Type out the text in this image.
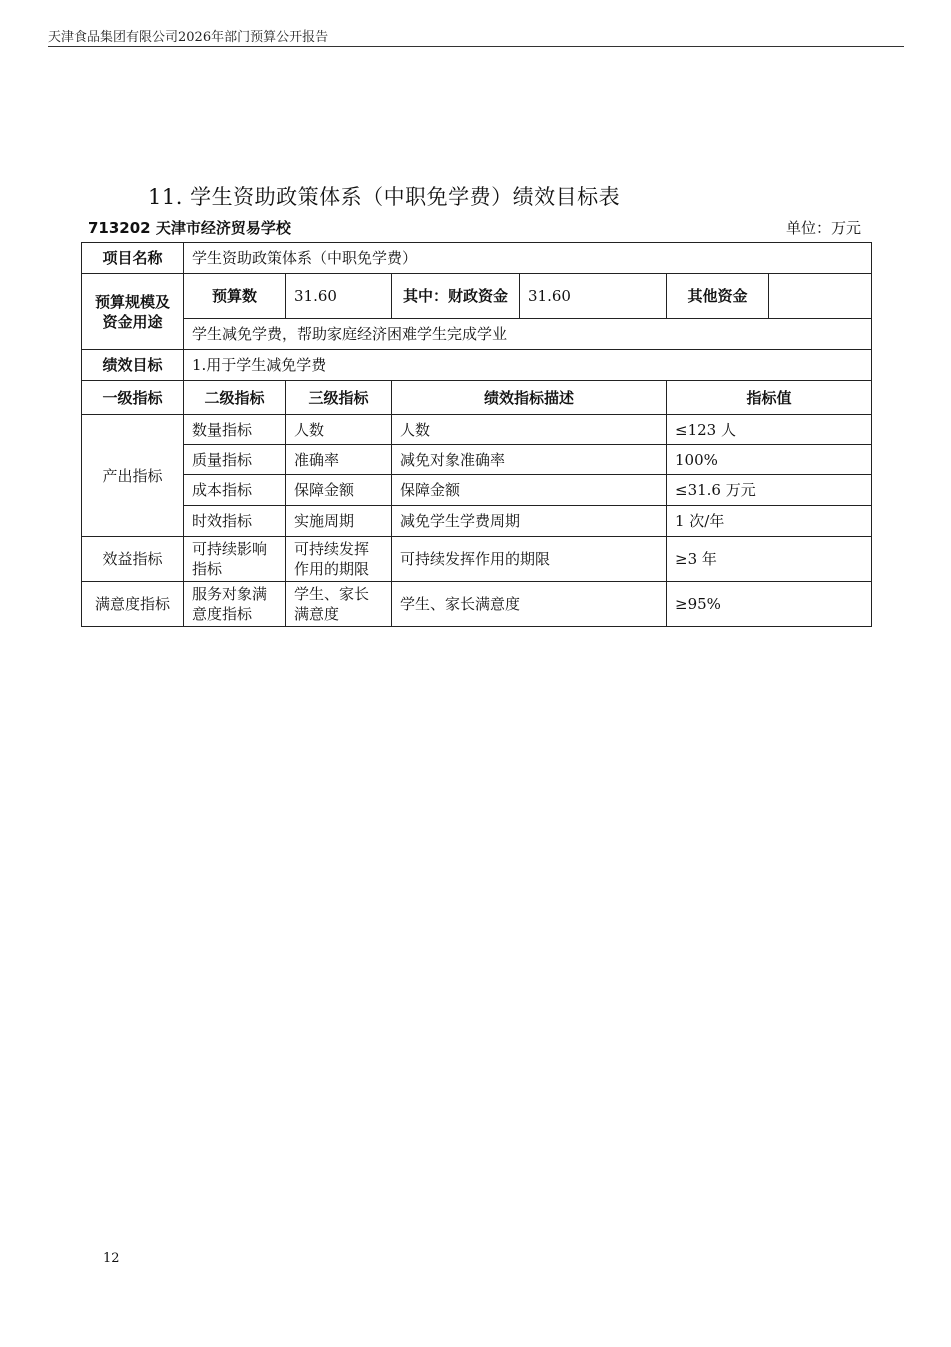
天津食品集团有限公司2026年部门预算公开报告
11. 学生资助政策体系（中职免学费）绩效目标表
713202 天津市经济贸易学校	单位：万元
项目名称	学生资助政策体系（中职免学费）					
预算规模及资金用途	预算数	31.60	其中：财政资金	31.60	其他资金	
	学生减免学费，帮助家庭经济困难学生完成学业					
绩效目标	1.用于学生减免学费					
一级指标	二级指标	三级指标	绩效指标描述		指标值	
产出指标	数量指标	人数	人数		≤123 人	
	质量指标	准确率	减免对象准确率		100%	
	成本指标	保障金额	保障金额		≤31.6 万元	
	时效指标	实施周期	减免学生学费周期		1 次/年	
效益指标	可持续影响指标	可持续发挥作用的期限	可持续发挥作用的期限		≥3 年	
满意度指标	服务对象满意度指标	学生、家长满意度	学生、家长满意度		≥95%	
12
